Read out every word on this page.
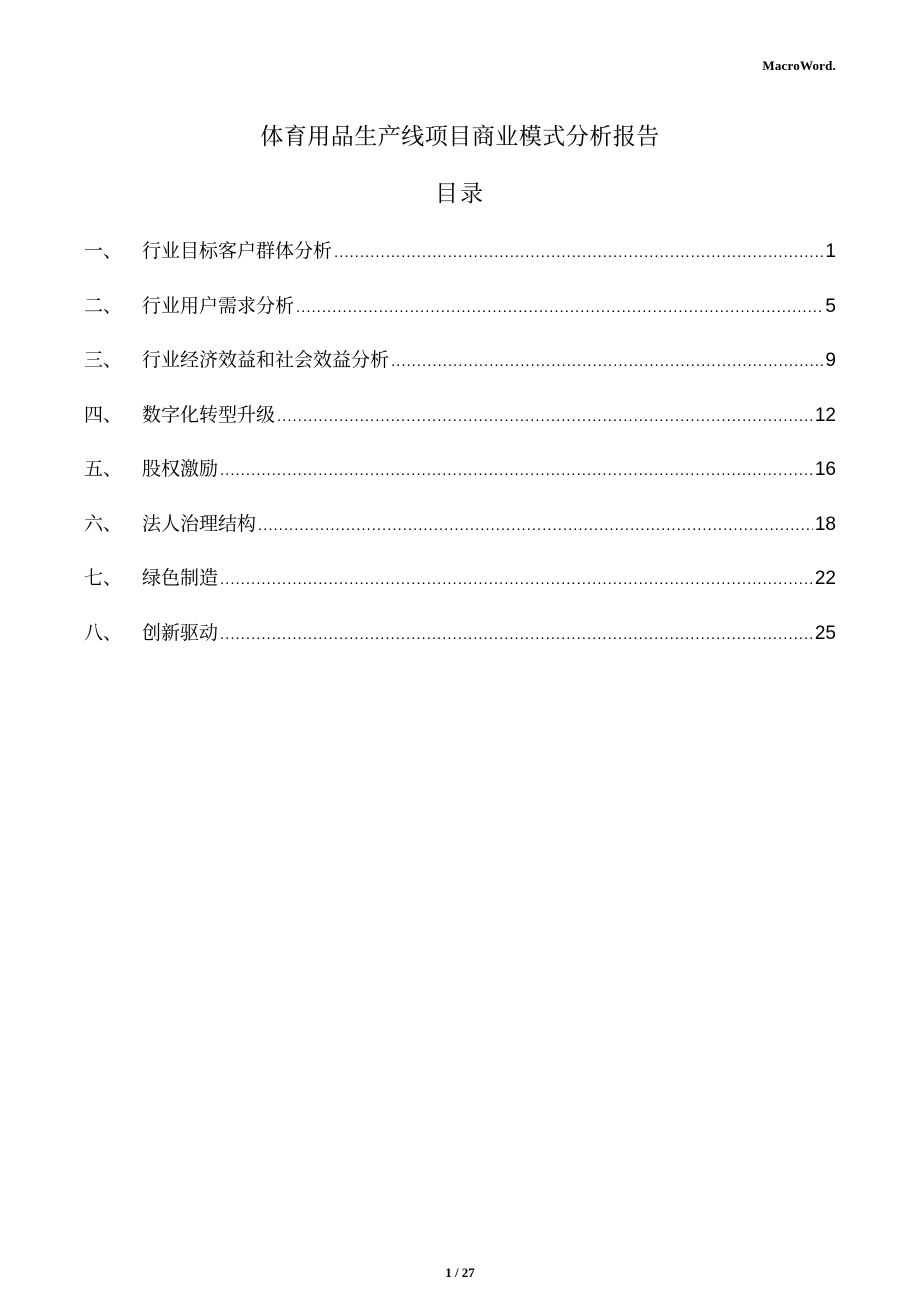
MacroWord.
体育用品生产线项目商业模式分析报告
目录
一、	行业目标客户群体分析 .....	1
二、	行业用户需求分析 .....	5
三、	行业经济效益和社会效益分析 .....	9
四、	数字化转型升级 .....	12
五、	股权激励 .....	16
六、	法人治理结构 .....	18
七、	绿色制造 .....	22
八、	创新驱动 .....	25
1 / 27
